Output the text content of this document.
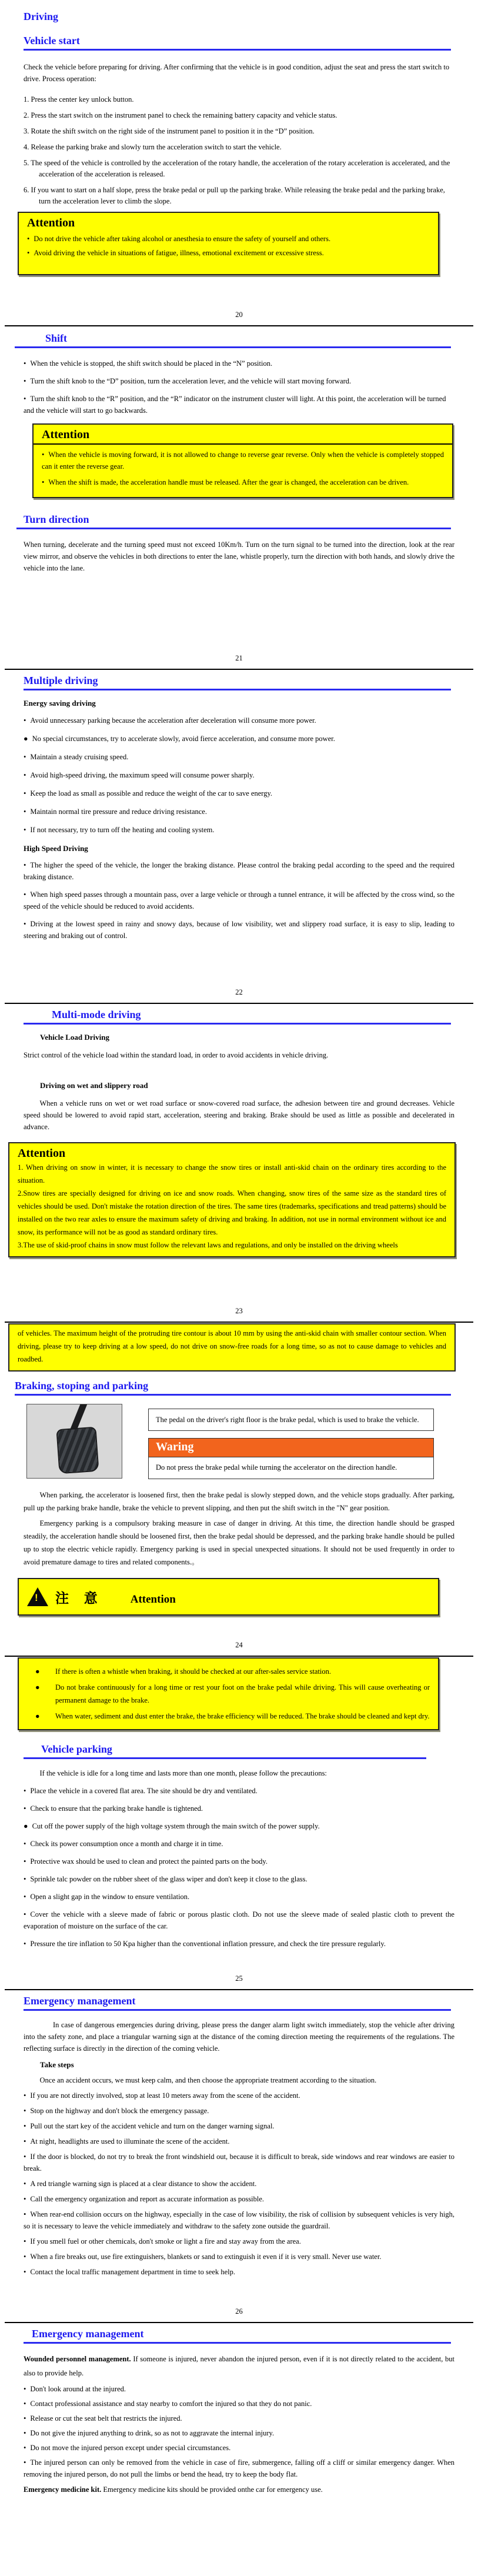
Driving
Vehicle start
Check the vehicle before preparing for driving. After confirming that the vehicle is in good condition, adjust the seat and press the start switch to drive. Process operation:
1. Press the center key unlock button.
2. Press the start switch on the instrument panel to check the remaining battery capacity and vehicle status.
3. Rotate the shift switch on the right side of the instrument panel to position it in the “D” position.
4. Release the parking brake and slowly turn the acceleration switch to start the vehicle.
5. The speed of the vehicle is controlled by the acceleration of the rotary handle, the acceleration of the rotary acceleration is accelerated, and the acceleration of the acceleration is released.
6. If you want to start on a half slope, press the brake pedal or pull up the parking brake. While releasing the brake pedal and the parking brake, turn the acceleration lever to climb the slope.
Attention
• Do not drive the vehicle after taking alcohol or anesthesia to ensure the safety of yourself and others.
• Avoid driving the vehicle in situations of fatigue, illness, emotional excitement or excessive stress.
20
Shift
• When the vehicle is stopped, the shift switch should be placed in the “N” position.
• Turn the shift knob to the “D” position, turn the acceleration lever, and the vehicle will start moving forward.
• Turn the shift knob to the “R” position, and the “R” indicator on the instrument cluster will light. At this point, the acceleration will be turned and the vehicle will start to go backwards.
Attention
• When the vehicle is moving forward, it is not allowed to change to reverse gear reverse. Only when the vehicle is completely stopped can it enter the reverse gear.
• When the shift is made, the acceleration handle must be released. After the gear is changed, the acceleration can be driven.
Turn direction
When turning, decelerate and the turning speed must not exceed 10Km/h. Turn on the turn signal to be turned into the direction, look at the rear view mirror, and observe the vehicles in both directions to enter the lane, whistle properly, turn the direction with both hands, and slowly drive the vehicle into the lane.
21
Multiple driving
Energy saving driving
• Avoid unnecessary parking because the acceleration after deceleration will consume more power.
● No special circumstances, try to accelerate slowly, avoid fierce acceleration, and consume more power.
• Maintain a steady cruising speed.
• Avoid high-speed driving, the maximum speed will consume power sharply.
• Keep the load as small as possible and reduce the weight of the car to save energy.
• Maintain normal tire pressure and reduce driving resistance.
• If not necessary, try to turn off the heating and cooling system.
High Speed Driving
• The higher the speed of the vehicle, the longer the braking distance. Please control the braking pedal according to the speed and the required braking distance.
• When high speed passes through a mountain pass, over a large vehicle or through a tunnel entrance, it will be affected by the cross wind, so the speed of the vehicle should be reduced to avoid accidents.
• Driving at the lowest speed in rainy and snowy days, because of low visibility, wet and slippery road surface, it is easy to slip, leading to steering and braking out of control.
22
Multi-mode driving
Vehicle Load Driving
Strict control of the vehicle load within the standard load, in order to avoid accidents in vehicle driving.
Driving on wet and slippery road
When a vehicle runs on wet or wet road surface or snow-covered road surface, the adhesion between tire and ground decreases. Vehicle speed should be lowered to avoid rapid start, acceleration, steering and braking. Brake should be used as little as possible and decelerated in advance.
Attention
1. When driving on snow in winter, it is necessary to change the snow tires or install anti-skid chain on the ordinary tires according to the situation.
2.Snow tires are specially designed for driving on ice and snow roads. When changing, snow tires of the same size as the standard tires of vehicles should be used. Don't mistake the rotation direction of the tires. The same tires (trademarks, specifications and tread patterns) should be installed on the two rear axles to ensure the maximum safety of driving and braking. In addition, not use in normal environment without ice and snow, its performance will not be as good as standard ordinary tires.
3.The use of skid-proof chains in snow must follow the relevant laws and regulations, and only be installed on the driving wheels
23
of vehicles. The maximum height of the protruding tire contour is about 10 mm by using the anti-skid chain with smaller contour section. When driving, please try to keep driving at a low speed, do not drive on snow-free roads for a long time, so as not to cause damage to vehicles and roadbed.
Braking, stoping and parking
The pedal on the driver's right floor is the brake pedal, which is used to brake the vehicle.
Waring
Do not press the brake pedal while turning the accelerator on the direction handle.
When parking, the accelerator is loosened first, then the brake pedal is slowly stepped down, and the vehicle stops gradually. After parking, pull up the parking brake handle, brake the vehicle to prevent slipping, and then put the shift switch in the "N" gear position.
Emergency parking is a compulsory braking measure in case of danger in driving. At this time, the direction handle should be grasped steadily, the acceleration handle should be loosened first, then the brake pedal should be depressed, and the parking brake handle should be pulled up to stop the electric vehicle rapidly. Emergency parking is used in special unexpected situations. It should not be used frequently in order to avoid premature damage to tires and related components.。
! 注 意 Attention
24
●	If there is often a whistle when braking, it should be checked at our after-sales service station.
●	Do not brake continuously for a long time or rest your foot on the brake pedal while driving. This will cause overheating or permanent damage to the brake.
●	When water, sediment and dust enter the brake, the brake efficiency will be reduced. The brake should be cleaned and kept dry.
Vehicle parking
If the vehicle is idle for a long time and lasts more than one month, please follow the precautions:
• Place the vehicle in a covered flat area. The site should be dry and ventilated.
• Check to ensure that the parking brake handle is tightened.
● Cut off the power supply of the high voltage system through the main switch of the power supply.
• Check its power consumption once a month and charge it in time.
• Protective wax should be used to clean and protect the painted parts on the body.
• Sprinkle talc powder on the rubber sheet of the glass wiper and don't keep it close to the glass.
• Open a slight gap in the window to ensure ventilation.
• Cover the vehicle with a sleeve made of fabric or porous plastic cloth. Do not use the sleeve made of sealed plastic cloth to prevent the evaporation of moisture on the surface of the car.
• Pressure the tire inflation to 50 Kpa higher than the conventional inflation pressure, and check the tire pressure regularly.
25
Emergency management
In case of dangerous emergencies during driving, please press the danger alarm light switch immediately, stop the vehicle after driving into the safety zone, and place a triangular warning sign at the distance of the coming direction meeting the requirements of the regulations. The reflecting surface is directly in the direction of the coming vehicle.
Take steps
Once an accident occurs, we must keep calm, and then choose the appropriate treatment according to the situation.
• If you are not directly involved, stop at least 10 meters away from the scene of the accident.
• Stop on the highway and don't block the emergency passage.
• Pull out the start key of the accident vehicle and turn on the danger warning signal.
• At night, headlights are used to illuminate the scene of the accident.
• If the door is blocked, do not try to break the front windshield out, because it is difficult to break, side windows and rear windows are easier to break.
• A red triangle warning sign is placed at a clear distance to show the accident.
• Call the emergency organization and report as accurate information as possible.
• When rear-end collision occurs on the highway, especially in the case of low visibility, the risk of collision by subsequent vehicles is very high, so it is necessary to leave the vehicle immediately and withdraw to the safety zone outside the guardrail.
• If you smell fuel or other chemicals, don't smoke or light a fire and stay away from the area.
• When a fire breaks out, use fire extinguishers, blankets or sand to extinguish it even if it is very small. Never use water.
• Contact the local traffic management department in time to seek help.
26
Emergency management
Wounded personnel management. If someone is injured, never abandon the injured person, even if it is not directly related to the accident, but also to provide help.
• Don't look around at the injured.
• Contact professional assistance and stay nearby to comfort the injured so that they do not panic.
• Release or cut the seat belt that restricts the injured.
• Do not give the injured anything to drink, so as not to aggravate the internal injury.
• Do not move the injured person except under special circumstances.
• The injured person can only be removed from the vehicle in case of fire, submergence, falling off a cliff or similar emergency danger. When removing the injured person, do not pull the limbs or bend the head, try to keep the body flat.
Emergency medicine kit. Emergency medicine kits should be provided onthe car for emergency use.
